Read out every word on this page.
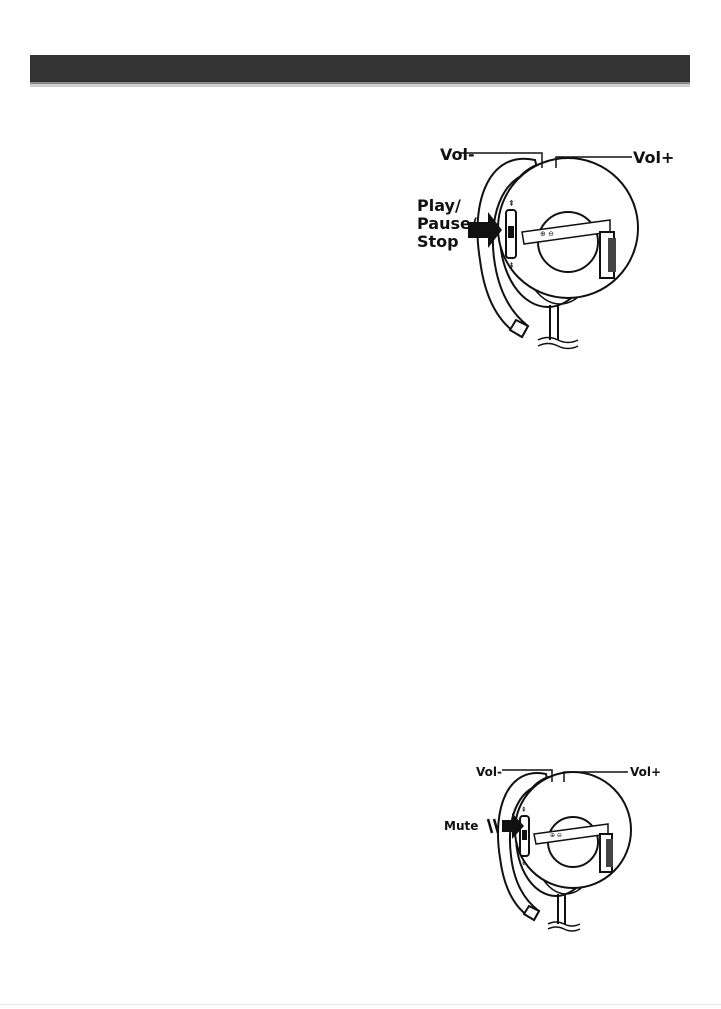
⊕ ⊖
⇞
⇟
Vol-	Vol+
Play/
Pause/
Stop
⊕ ⊖
⇞
⇟
Vol-	Vol+
Mute
